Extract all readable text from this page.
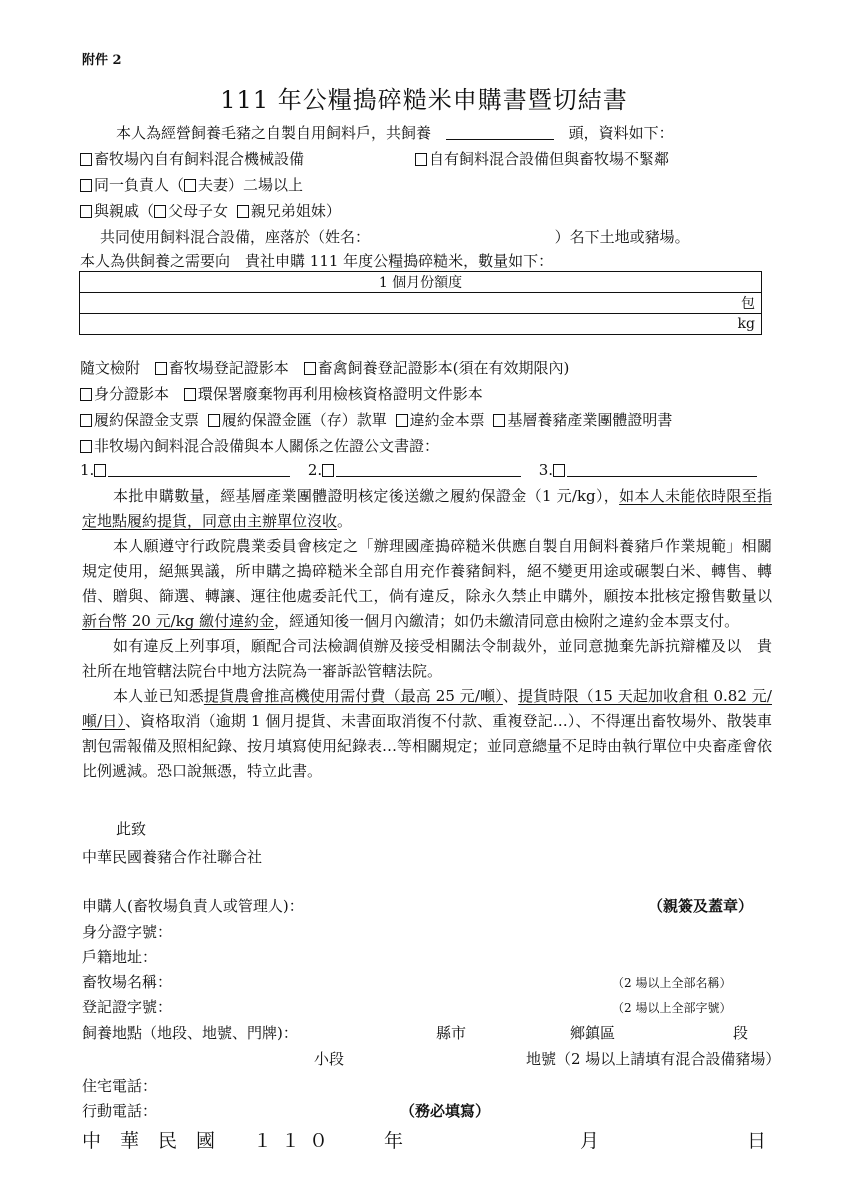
附件 2
111 年公糧搗碎糙米申購書暨切結書
本人為經營飼養毛豬之自製自用飼料戶，共飼養	頭，資料如下：
畜牧場內自有飼料混合機械設備	自有飼料混合設備但與畜牧場不緊鄰
同一負責人（ 夫妻）二場以上
與親戚（ 父母子女 親兄弟姐妹）
共同使用飼料混合設備，座落於（姓名：	）名下土地或豬場。
本人為供飼養之需要向　貴社申購 111 年度公糧搗碎糙米，數量如下：
1 個月份額度
包
kg
隨文檢附 畜牧場登記證影本 畜禽飼養登記證影本(須在有效期限內)
身分證影本 環保署廢棄物再利用檢核資格證明文件影本
履約保證金支票 履約保證金匯（存）款單 違約金本票 基層養豬產業團體證明書
非牧場內飼料混合設備與本人關係之佐證公文書證：
1.	2.	3.

本批申購數量，經基層產業團體證明核定後送繳之履約保證金（1 元/kg），如本人未能依時限至指定地點履約提貨，同意由主辦單位沒收。

本人願遵守行政院農業委員會核定之「辦理國產搗碎糙米供應自製自用飼料養豬戶作業規範」相關規定使用，絕無異議，所申購之搗碎糙米全部自用充作養豬飼料，絕不變更用途或碾製白米、轉售、轉借、贈與、篩選、轉讓、運往他處委託代工，倘有違反，除永久禁止申購外，願按本批核定撥售數量以新台幣 20 元/kg 繳付違約金，經通知後一個月內繳清；如仍未繳清同意由檢附之違約金本票支付。

如有違反上列事項，願配合司法檢調偵辦及接受相關法令制裁外，並同意拋棄先訴抗辯權及以　貴社所在地管轄法院台中地方法院為一審訴訟管轄法院。

本人並已知悉提貨農會推高機使用需付費（最高 25 元/噸）、提貨時限（15 天起加收倉租 0.82 元/噸/日）、資格取消（逾期 1 個月提貨、未書面取消復不付款、重複登記…）、不得運出畜牧場外、散裝車割包需報備及照相紀錄、按月填寫使用紀錄表…等相關規定；並同意總量不足時由執行單位中央畜產會依比例遞減。恐口說無憑，特立此書。

此致
中華民國養豬合作社聯合社
申購人(畜牧場負責人或管理人)：	（親簽及蓋章）
身分證字號：
戶籍地址：
畜牧場名稱：	（2 場以上全部名稱）
登記證字號：	（2 場以上全部字號）
飼養地點（地段、地號、門牌)：	縣市	鄉鎮區	段
小段	地號（2 場以上請填有混合設備豬場）
住宅電話：
行動電話：	（務必填寫）
中　華　民　國 １１０ 年	月	日
